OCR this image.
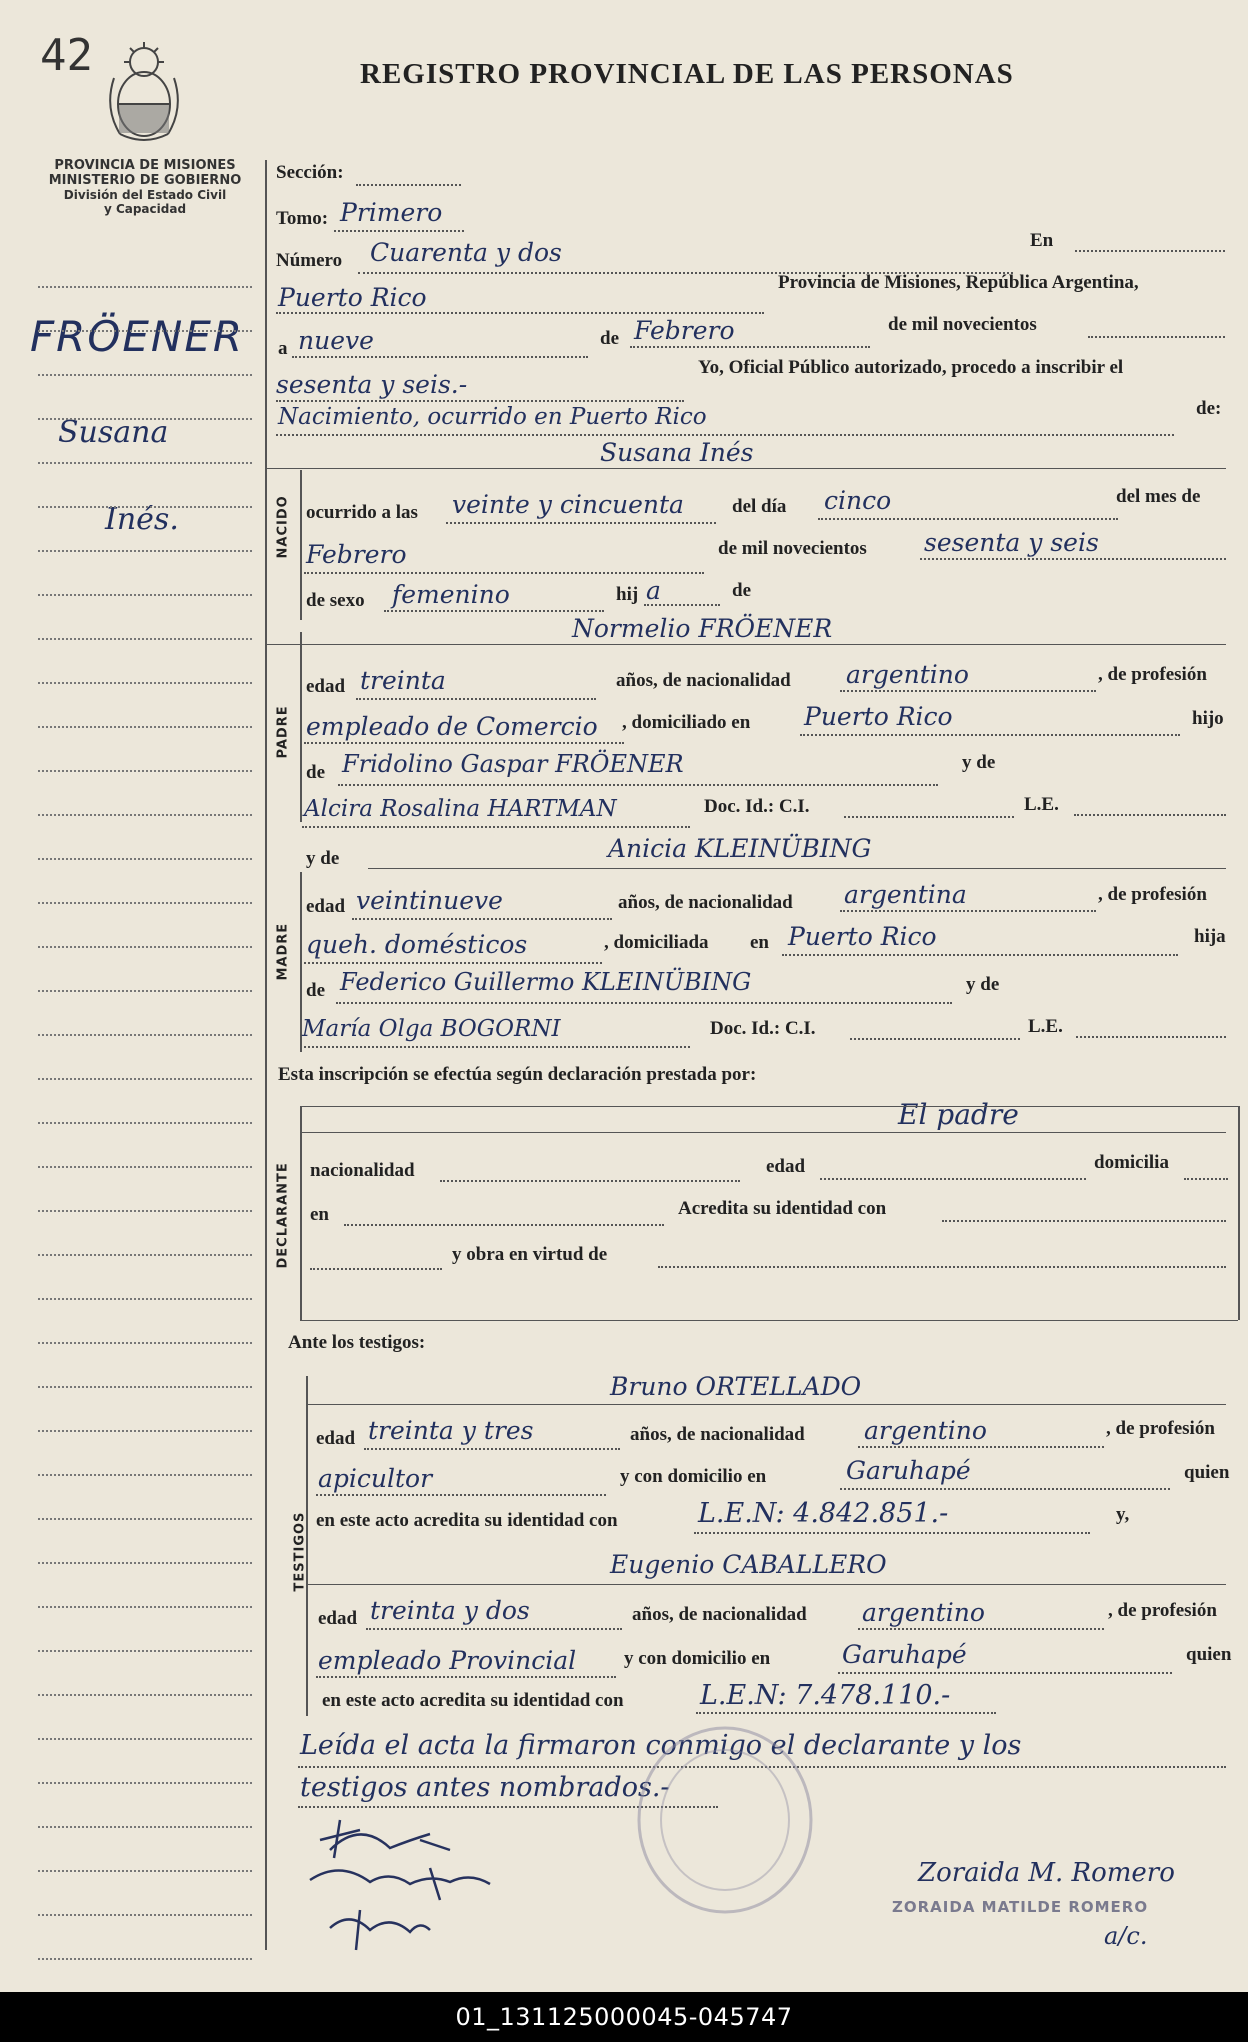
42	REGISTRO PROVINCIAL DE LAS PERSONAS
PROVINCIA DE MISIONES
MINISTERIO DE GOBIERNO
División del Estado Civil
y Capacidad
FRÖENER
Susana
Inés.
Sección:
Tomo: Primero
Número Cuarenta y dos	En
Puerto Rico
Provincia de Misiones, República Argentina,
a nueve	de Febrero	de mil novecientos
sesenta y seis.-
Yo, Oficial Público autorizado, procedo a inscribir el
Nacimiento, ocurrido en Puerto Rico	de:
NACIDO
Susana Inés
ocurrido a las veinte y cincuenta	del día cinco	del mes de
Febrero	de mil novecientos sesenta y seis
de sexo femenino	hij a	de
PADRE
Normelio FRÖENER
edad treinta	años, de nacionalidad argentino	, de profesión
empleado de Comercio , domiciliado en Puerto Rico	hijo
de Fridolino Gaspar FRÖENER	y de
Alcira Rosalina HARTMAN	Doc. Id.: C.I.	L.E.
y de	Anicia KLEINÜBING
MADRE
edad veintinueve	años, de nacionalidad argentina	, de profesión
queh. domésticos	, domiciliada en Puerto Rico	hija
de Federico Guillermo KLEINÜBING	y de
María Olga BOGORNI	Doc. Id.: C.I.	L.E.
Esta inscripción se efectúa según declaración prestada por:
El padre
DECLARANTE nacionalidad	edad	domicilia
en	Acredita su identidad con
y obra en virtud de
Ante los testigos:
TESTIGOS
Bruno ORTELLADO
edad treinta y tres	años, de nacionalidad argentino	, de profesión
apicultor	y con domicilio en	Garuhapé	quien
en este acto acredita su identidad con	L.E.N: 4.842.851.-	y,
Eugenio CABALLERO
edad treinta y dos	años, de nacionalidad argentino	, de profesión
empleado Provincial	y con domicilio en	Garuhapé	quien
en este acto acredita su identidad con	L.E.N: 7.478.110.-
Leída el acta la firmaron conmigo el declarante y los
testigos antes nombrados.-
Zoraida M. Romero
ZORAIDA MATILDE ROMERO
a/c.
01_131125000045-045747
